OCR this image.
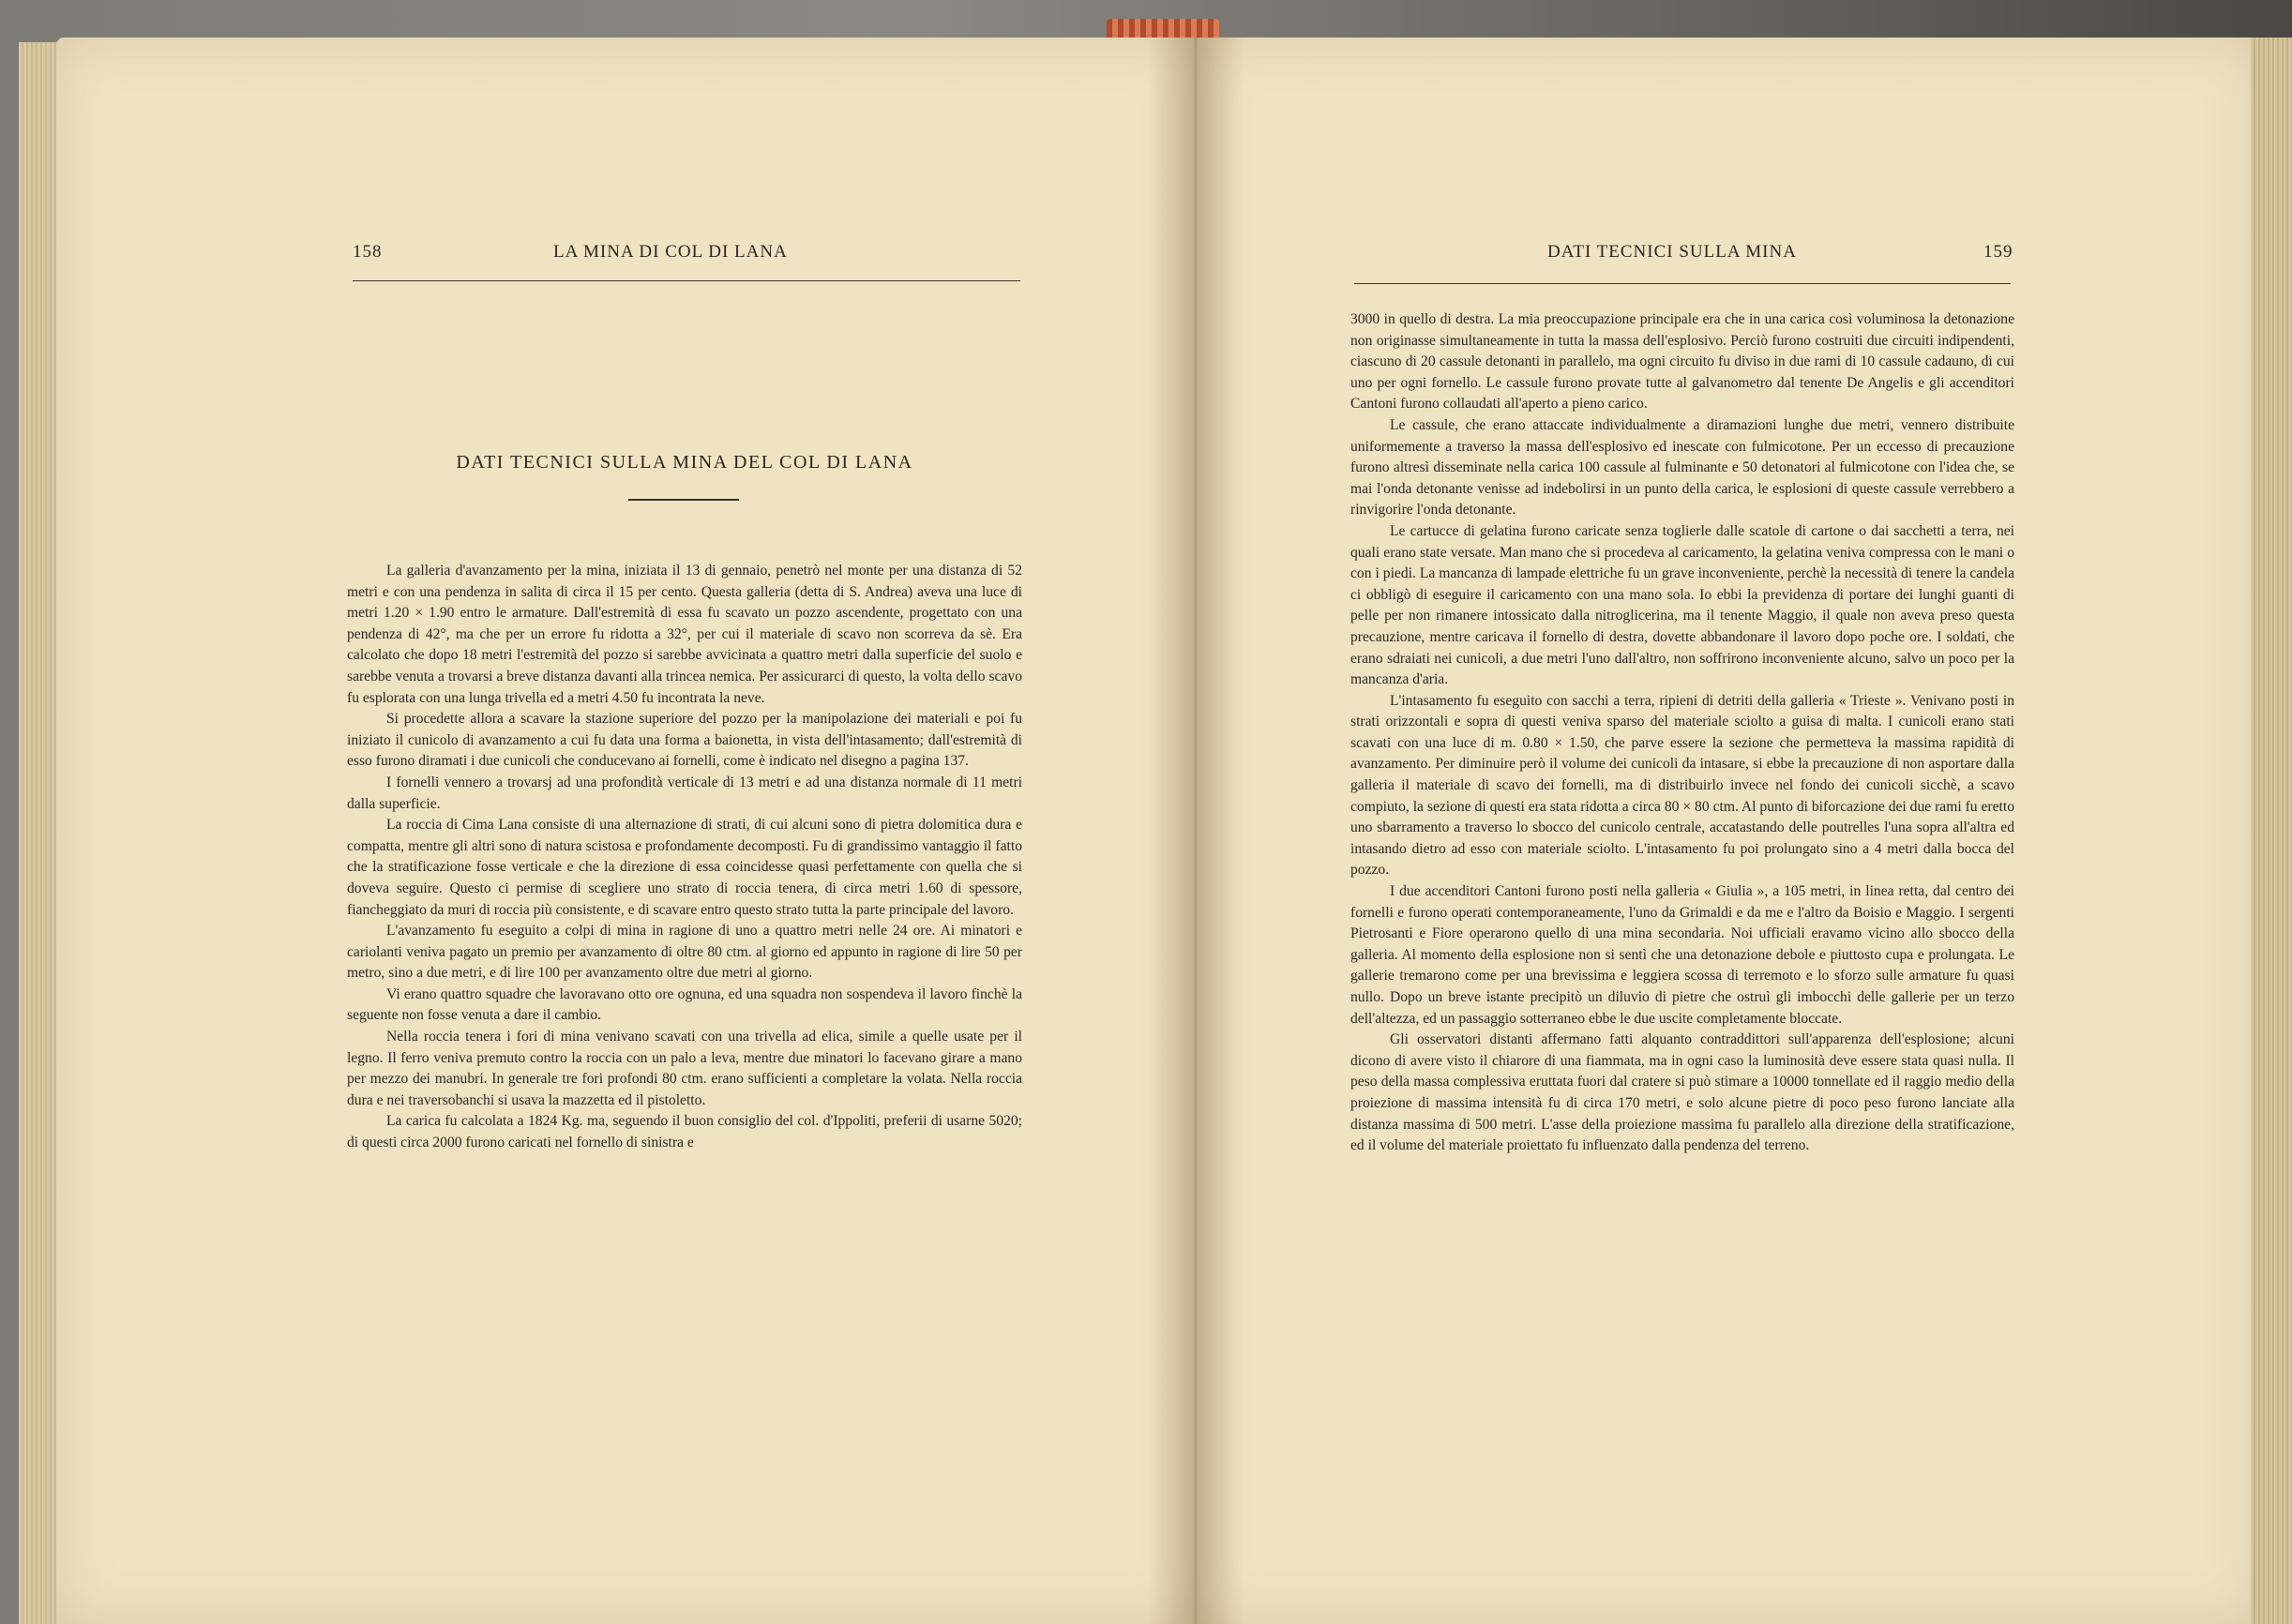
158	LA MINA DI COL DI LANA
DATI TECNICI SULLA MINA DEL COL DI LANA

La galleria d'avanzamento per la mina, iniziata il 13 di gennaio, penetrò nel monte per una distanza di 52 metri e con una pendenza in salita di circa il 15 per cento. Questa galleria (detta di S. Andrea) aveva una luce di metri 1.20 × 1.90 entro le armature. Dall'estremità di essa fu scavato un pozzo ascendente, progettato con una pendenza di 42°, ma che per un errore fu ridotta a 32°, per cui il materiale di scavo non scorreva da sè. Era calcolato che dopo 18 metri l'estremità del pozzo si sarebbe avvicinata a quattro metri dalla superficie del suolo e sarebbe venuta a trovarsi a breve distanza davanti alla trincea nemica. Per assicurarci di questo, la volta dello scavo fu esplorata con una lunga trivella ed a metri 4.50 fu incontrata la neve.

Si procedette allora a scavare la stazione superiore del pozzo per la manipolazione dei materiali e poi fu iniziato il cunicolo di avanzamento a cui fu data una forma a baionetta, in vista dell'intasamento; dall'estremità di esso furono diramati i due cunicoli che conducevano ai fornelli, come è indicato nel disegno a pagina 137.

I fornelli vennero a trovarsj ad una profondità verticale di 13 metri e ad una distanza normale di 11 metri dalla superficie.

La roccia di Cima Lana consiste di una alternazione di strati, di cui alcuni sono di pietra dolomitica dura e compatta, mentre gli altri sono di natura scistosa e profondamente decomposti. Fu di grandissimo vantaggio il fatto che la stratificazione fosse verticale e che la direzione di essa coincidesse quasi perfettamente con quella che si doveva seguire. Questo ci permise di scegliere uno strato di roccia tenera, di circa metri 1.60 di spessore, fiancheggiato da muri di roccia più consistente, e di scavare entro questo strato tutta la parte principale del lavoro.

L'avanzamento fu eseguito a colpi di mina in ragione di uno a quattro metri nelle 24 ore. Ai minatori e cariolanti veniva pagato un premio per avanzamento di oltre 80 ctm. al giorno ed appunto in ragione di lire 50 per metro, sino a due metri, e di lire 100 per avanzamento oltre due metri al giorno.

Vi erano quattro squadre che lavoravano otto ore ognuna, ed una squadra non sospendeva il lavoro finchè la seguente non fosse venuta a dare il cambio.

Nella roccia tenera i fori di mina venivano scavati con una trivella ad elica, simile a quelle usate per il legno. Il ferro veniva premuto contro la roccia con un palo a leva, mentre due minatori lo facevano girare a mano per mezzo dei manubri. In generale tre fori profondi 80 ctm. erano sufficienti a completare la volata. Nella roccia dura e nei traversobanchi si usava la mazzetta ed il pistoletto.

La carica fu calcolata a 1824 Kg. ma, seguendo il buon consiglio del col. d'Ippoliti, preferii di usarne 5020; di questi circa 2000 furono caricati nel fornello di sinistra e

DATI TECNICI SULLA MINA	159

3000 in quello di destra. La mia preoccupazione principale era che in una carica così voluminosa la detonazione non originasse simultaneamente in tutta la massa dell'esplosivo. Perciò furono costruiti due circuiti indipendenti, ciascuno di 20 cassule detonanti in parallelo, ma ogni circuito fu diviso in due rami di 10 cassule cadauno, di cui uno per ogni fornello. Le cassule furono provate tutte al galvanometro dal tenente De Angelis e gli accenditori Cantoni furono collaudati all'aperto a pieno carico.

Le cassule, che erano attaccate individualmente a diramazioni lunghe due metri, vennero distribuite uniformemente a traverso la massa dell'esplosivo ed inescate con fulmicotone. Per un eccesso di precauzione furono altresì disseminate nella carica 100 cassule al fulminante e 50 detonatori al fulmicotone con l'idea che, se mai l'onda detonante venisse ad indebolirsi in un punto della carica, le esplosioni di queste cassule verrebbero a rinvigorire l'onda detonante.

Le cartucce di gelatina furono caricate senza toglierle dalle scatole di cartone o dai sacchetti a terra, nei quali erano state versate. Man mano che si procedeva al caricamento, la gelatina veniva compressa con le mani o con i piedi. La mancanza di lampade elettriche fu un grave inconveniente, perchè la necessità di tenere la candela ci obbligò di eseguire il caricamento con una mano sola. Io ebbi la previdenza di portare dei lunghi guanti di pelle per non rimanere intossicato dalla nitroglicerina, ma il tenente Maggio, il quale non aveva preso questa precauzione, mentre caricava il fornello di destra, dovette abbandonare il lavoro dopo poche ore. I soldati, che erano sdraiati nei cunicoli, a due metri l'uno dall'altro, non soffrirono inconveniente alcuno, salvo un poco per la mancanza d'aria.

L'intasamento fu eseguito con sacchi a terra, ripieni di detriti della galleria « Trieste ». Venivano posti in strati orizzontali e sopra di questi veniva sparso del materiale sciolto a guisa di malta. I cunicoli erano stati scavati con una luce di m. 0.80 × 1.50, che parve essere la sezione che permetteva la massima rapidità di avanzamento. Per diminuire però il volume dei cunicoli da intasare, si ebbe la precauzione di non asportare dalla galleria il materiale di scavo dei fornelli, ma di distribuirlo invece nel fondo dei cunicoli sicchè, a scavo compiuto, la sezione di questi era stata ridotta a circa 80 × 80 ctm. Al punto di biforcazione dei due rami fu eretto uno sbarramento a traverso lo sbocco del cunicolo centrale, accatastando delle poutrelles l'una sopra all'altra ed intasando dietro ad esso con materiale sciolto. L'intasamento fu poi prolungato sino a 4 metri dalla bocca del pozzo.

I due accenditori Cantoni furono posti nella galleria « Giulia », a 105 metri, in linea retta, dal centro dei fornelli e furono operati contemporaneamente, l'uno da Grimaldi e da me e l'altro da Boisio e Maggio. I sergenti Pietrosanti e Fiore operarono quello di una mina secondaria. Noi ufficiali eravamo vicino allo sbocco della galleria. Al momento della esplosione non si sentì che una detonazione debole e piuttosto cupa e prolungata. Le gallerie tremarono come per una brevissima e leggiera scossa di terremoto e lo sforzo sulle armature fu quasi nullo. Dopo un breve istante precipitò un diluvio di pietre che ostruì gli imbocchi delle gallerie per un terzo dell'altezza, ed un passaggio sotterraneo ebbe le due uscite completamente bloccate.

Gli osservatori distanti affermano fatti alquanto contraddittori sull'apparenza dell'esplosione; alcuni dicono di avere visto il chiarore di una fiammata, ma in ogni caso la luminosità deve essere stata quasi nulla. Il peso della massa complessiva eruttata fuori dal cratere si può stimare a 10000 tonnellate ed il raggio medio della proiezione di massima intensità fu di circa 170 metri, e solo alcune pietre di poco peso furono lanciate alla distanza massima di 500 metri. L'asse della proiezione massima fu parallelo alla direzione della stratificazione, ed il volume del materiale proiettato fu influenzato dalla pendenza del terreno.
